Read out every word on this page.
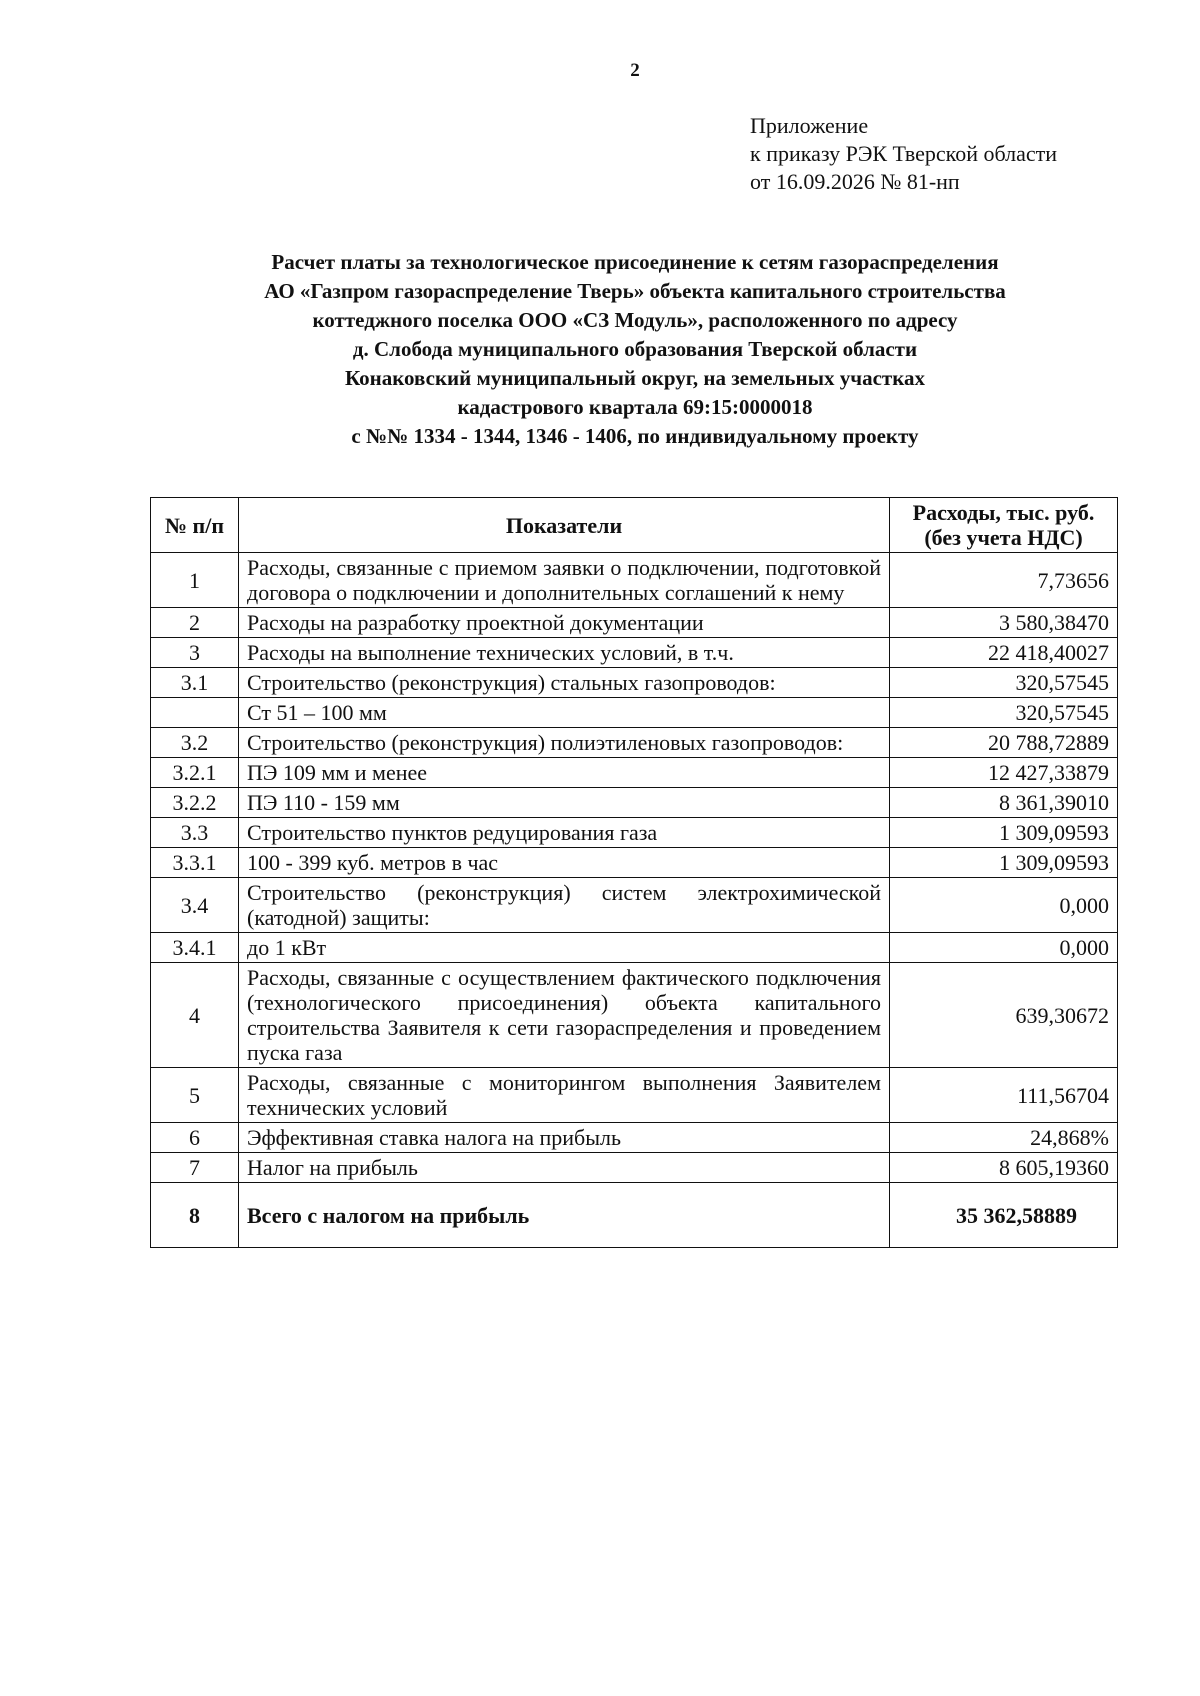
2
Приложение
к приказу РЭК Тверской области
от 16.09.2026 № 81-нп
Расчет платы за технологическое присоединение к сетям газораспределения
АО «Газпром газораспределение Тверь» объекта капитального строительства
коттеджного поселка ООО «СЗ Модуль», расположенного по адресу
д. Слобода муниципального образования Тверской области
Конаковский муниципальный округ, на земельных участках
кадастрового квартала 69:15:0000018
с №№ 1334 - 1344, 1346 - 1406, по индивидуальному проекту
№ п/п	Показатели	Расходы, тыс. руб.
(без учета НДС)

1	Расходы, связанные с приемом заявки о подключении, подготовкой договора о подключении и дополнительных соглашений к нему	7,73656
2	Расходы на разработку проектной документации	3 580,38470
3	Расходы на выполнение технических условий, в т.ч.	22 418,40027
3.1	Строительство (реконструкция) стальных газопроводов:	320,57545
	Ст 51 – 100 мм	320,57545
3.2	Строительство (реконструкция) полиэтиленовых газопроводов:	20 788,72889
3.2.1	ПЭ 109 мм и менее	12 427,33879
3.2.2	ПЭ 110 - 159 мм	8 361,39010
3.3	Строительство пунктов редуцирования газа	1 309,09593
3.3.1	100 - 399 куб. метров в час	1 309,09593
3.4	Строительство (реконструкция) систем электрохимической (катодной) защиты:	0,000
3.4.1	до 1 кВт	0,000
4	Расходы, связанные с осуществлением фактического подключения (технологического присоединения) объекта капитального строительства Заявителя к сети газораспределения и проведением пуска газа	639,30672
5	Расходы, связанные с мониторингом выполнения Заявителем технических условий	111,56704
6	Эффективная ставка налога на прибыль	24,868%
7	Налог на прибыль	8 605,19360
8	Всего с налогом на прибыль	35 362,58889
